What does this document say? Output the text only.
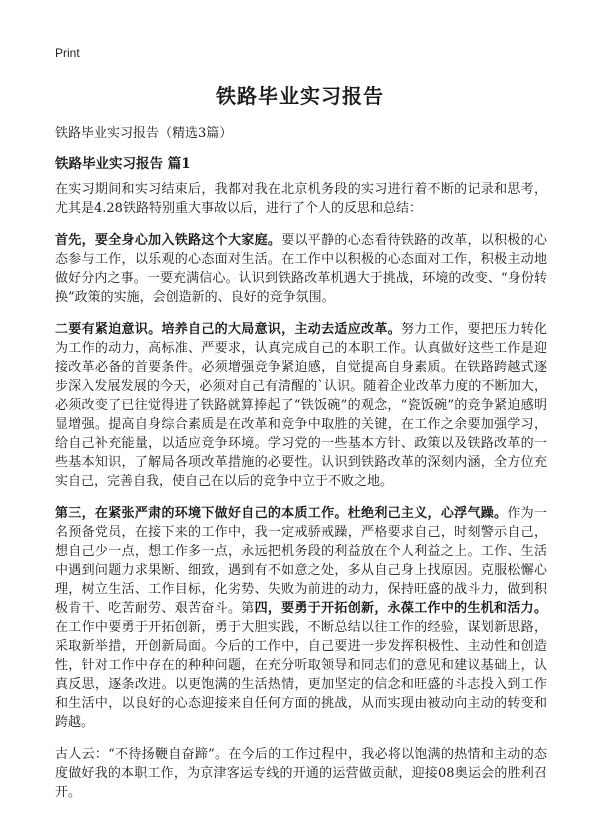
Print
铁路毕业实习报告
铁路毕业实习报告（精选3篇）
铁路毕业实习报告 篇1

在实习期间和实习结束后，我都对我在北京机务段的实习进行着不断的记录和思考，尤其是4.28铁路特别重大事故以后，进行了个人的反思和总结：

首先，要全身心加入铁路这个大家庭。要以平静的心态看待铁路的改革，以积极的心态参与工作，以乐观的心态面对生活。在工作中以积极的心态面对工作，积极主动地做好分内之事。一要充满信心。认识到铁路改革机遇大于挑战，环境的改变、“身份转换”政策的实施，会创造新的、良好的竞争氛围。

二要有紧迫意识。培养自己的大局意识，主动去适应改革。努力工作，要把压力转化为工作的动力，高标准、严要求，认真完成自己的本职工作。认真做好这些工作是迎接改革必备的首要条件。必须增强竞争紧迫感，自觉提高自身素质。在铁路跨越式逐步深入发展发展的今天，必须对自己有清醒的`认识。随着企业改革力度的不断加大，必须改变了已往觉得进了铁路就算捧起了“铁饭碗”的观念，“瓷饭碗”的竞争紧迫感明显增强。提高自身综合素质是在改革和竞争中取胜的关键，在工作之余要加强学习，给自己补充能量，以适应竞争环境。学习党的一些基本方针、政策以及铁路改革的一些基本知识，了解局各项改革措施的必要性。认识到铁路改革的深刻内涵，全方位充实自己，完善自我，使自己在以后的竞争中立于不败之地。

第三，在紧张严肃的环境下做好自己的本质工作。杜绝利己主义，心浮气躁。作为一名预备党员，在接下来的工作中，我一定戒骄戒躁，严格要求自己，时刻警示自己，想自己少一点，想工作多一点，永远把机务段的利益放在个人利益之上。工作、生活中遇到问题力求果断、细致，遇到有不如意之处，多从自己身上找原因。克服松懈心理，树立生活、工作目标，化劣势、失败为前进的动力，保持旺盛的战斗力，做到积极肯干、吃苦耐劳、艰苦奋斗。第四，要勇于开拓创新，永葆工作中的生机和活力。在工作中要勇于开拓创新，勇于大胆实践，不断总结以往工作的经验，谋划新思路，采取新举措，开创新局面。今后的工作中，自己要进一步发挥积极性、主动性和创造性，针对工作中存在的种种问题，在充分听取领导和同志们的意见和建议基础上，认真反思，逐条改进。以更饱满的生活热情，更加坚定的信念和旺盛的斗志投入到工作和生活中，以良好的心态迎接来自任何方面的挑战，从而实现由被动向主动的转变和跨越。

古人云：“不待扬鞭自奋蹄”。在今后的工作过程中，我必将以饱满的热情和主动的态度做好我的本职工作，为京津客运专线的开通的运营做贡献，迎接08奥运会的胜利召开。
